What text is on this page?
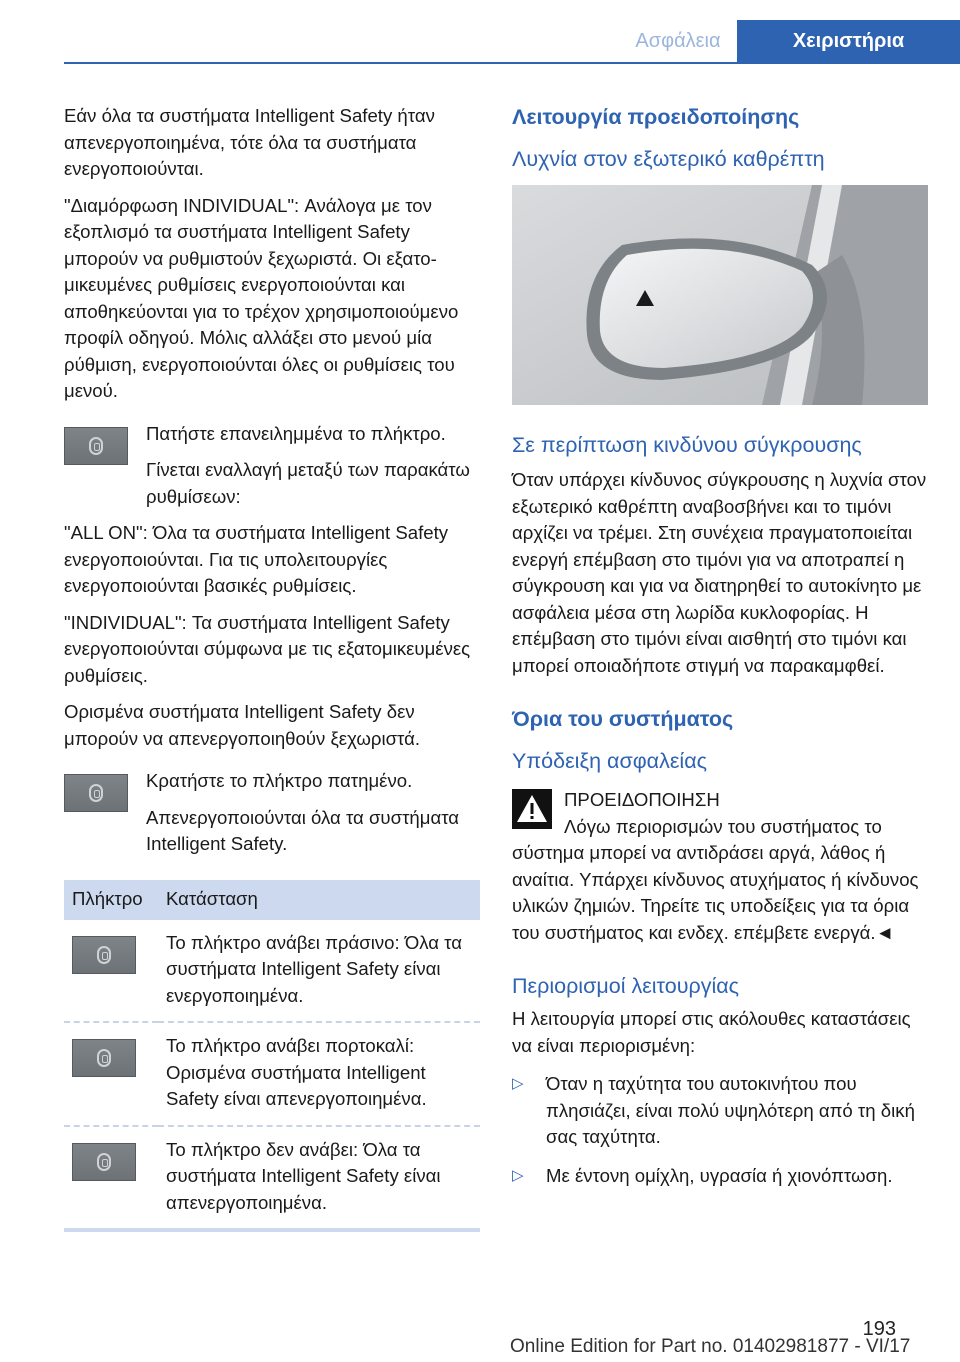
Ασφάλεια	Χειριστήρια

Εάν όλα τα συστήματα Intelligent Safety ήταν απενεργοποιημένα, τότε όλα τα συστήματα ενεργοποιούνται.

"Διαμόρφωση INDIVIDUAL": Ανάλογα με τον εξοπλισμό τα συστήματα Intelligent Safety μπορούν να ρυθμιστούν ξεχωριστά. Οι εξατομικευμένες ρυθμίσεις ενεργοποιούνται και αποθηκεύονται για το τρέχον χρησιμοποιούμενο προφίλ οδηγού. Μόλις αλλάξει στο μενού μία ρύθμιση, ενεργοποιούνται όλες οι ρυθμίσεις του μενού.

Πατήστε επανειλημμένα το πλήκτρο.

Γίνεται εναλλαγή μεταξύ των παρακάτω ρυθμίσεων:

"ALL ON": Όλα τα συστήματα Intelligent Safety ενεργοποιούνται. Για τις υπολειτουργίες ενεργοποιούνται βασικές ρυθμίσεις.

"INDIVIDUAL": Τα συστήματα Intelligent Safety ενεργοποιούνται σύμφωνα με τις εξατομικευμένες ρυθμίσεις.

Ορισμένα συστήματα Intelligent Safety δεν μπορούν να απενεργοποιηθούν ξεχωριστά.

Κρατήστε το πλήκτρο πατημένο.

Απενεργοποιούνται όλα τα συστήματα Intelligent Safety.

Πλήκτρο	Κατάσταση

	Το πλήκτρο ανάβει πράσινο: Όλα τα συστήματα Intelligent Safety είναι ενεργοποιημένα.

	Το πλήκτρο ανάβει πορτοκαλί: Ορισμένα συστήματα Intelligent Safety είναι απενεργοποιημένα.

	Το πλήκτρο δεν ανάβει: Όλα τα συστήματα Intelligent Safety είναι απενεργοποιημένα.
Λειτουργία προειδοποίησης
Λυχνία στον εξωτερικό καθρέπτη
Σε περίπτωση κινδύνου σύγκρουσης

Όταν υπάρχει κίνδυνος σύγκρουσης η λυχνία στον εξωτερικό καθρέπτη αναβοσβήνει και το τιμόνι αρχίζει να τρέμει. Στη συνέχεια πραγματοποιείται ενεργή επέμβαση στο τιμόνι για να αποτραπεί η σύγκρουση και για να διατηρηθεί το αυτοκίνητο με ασφάλεια μέσα στη λωρίδα κυκλοφορίας. Η επέμβαση στο τιμόνι είναι αισθητή στο τιμόνι και μπορεί οποιαδήποτε στιγμή να παρακαμφθεί.

Όρια του συστήματος
Υπόδειξη ασφαλείας
ΠΡΟΕΙΔΟΠΟΙΗΣΗ

Λόγω περιορισμών του συστήματος το σύστημα μπορεί να αντιδράσει αργά, λάθος ή αναίτια. Υπάρχει κίνδυνος ατυχήματος ή κίνδυνος υλικών ζημιών. Τηρείτε τις υποδείξεις για τα όρια του συστήματος και ενδεχ. επέμβετε ενεργά.◄

Περιορισμοί λειτουργίας

Η λειτουργία μπορεί στις ακόλουθες καταστάσεις να είναι περιορισμένη:

▷ Όταν η ταχύτητα του αυτοκινήτου που πλησιάζει, είναι πολύ υψηλότερη από τη δική σας ταχύτητα.
▷ Με έντονη ομίχλη, υγρασία ή χιονόπτωση.
193
Online Edition for Part no. 01402981877 - VI/17
